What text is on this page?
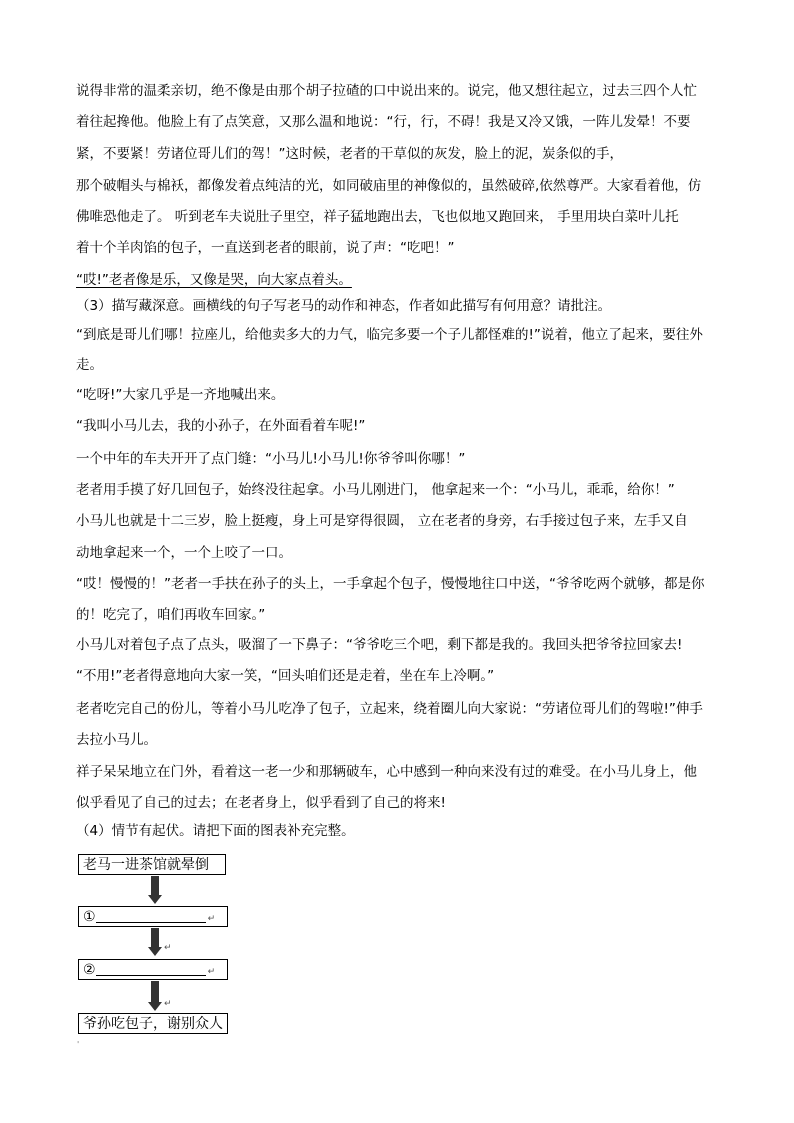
说得非常的温柔亲切，绝不像是由那个胡子拉碴的口中说出来的。说完，他又想往起立，过去三四个人忙

着往起搀他。他脸上有了点笑意，又那么温和地说：“行，行，不碍！我是又冷又饿，一阵儿发晕！不要

紧，不要紧！劳诸位哥儿们的驾！”这时候，老者的干草似的灰发，脸上的泥，炭条似的手，

那个破帽头与棉袄，都像发着点纯洁的光，如同破庙里的神像似的，虽然破碎,依然尊严。大家看着他，仿

佛唯恐他走了。 听到老车夫说肚子里空，祥子猛地跑出去，飞也似地又跑回来， 手里用块白菜叶儿托

着十个羊肉馅的包子，一直送到老者的眼前，说了声：“吃吧！”

“哎!”老者像是乐，又像是哭，向大家点着头。

（3）描写藏深意。画横线的句子写老马的动作和神态，作者如此描写有何用意？请批注。

“到底是哥儿们哪！拉座儿，给他卖多大的力气，临完多要一个子儿都怪难的!”说着，他立了起来，要往外

走。

“吃呀!”大家几乎是一齐地喊出来。

“我叫小马儿去，我的小孙子，在外面看着车呢!”

一个中年的车夫开开了点门缝：“小马儿!小马儿!你爷爷叫你哪！”

老者用手摸了好几回包子，始终没往起拿。小马儿刚进门， 他拿起来一个：“小马儿，乖乖，给你！”

小马儿也就是十二三岁，脸上挺瘦，身上可是穿得很圆， 立在老者的身旁，右手接过包子来，左手又自

动地拿起来一个，一个上咬了一口。

“哎！慢慢的！”老者一手扶在孙子的头上，一手拿起个包子，慢慢地往口中送，“爷爷吃两个就够，都是你

的！吃完了，咱们再收车回家。”

小马儿对着包子点了点头，吸溜了一下鼻子：“爷爷吃三个吧，剩下都是我的。我回头把爷爷拉回家去!

“不用!”老者得意地向大家一笑，“回头咱们还是走着，坐在车上冷啊。”

老者吃完自己的份儿，等着小马儿吃净了包子，立起来，绕着圈儿向大家说：“劳诸位哥儿们的驾啦!”伸手

去拉小马儿。

祥子呆呆地立在门外，看着这一老一少和那辆破车，心中感到一种向来没有过的难受。在小马儿身上，他

似乎看见了自己的过去；在老者身上，似乎看到了自己的将来!

（4）情节有起伏。请把下面的图表补充完整。

老马一进茶馆就晕倒
①	↵
↵
②	↵
↵
爷孙吃包子，谢别众人
'
